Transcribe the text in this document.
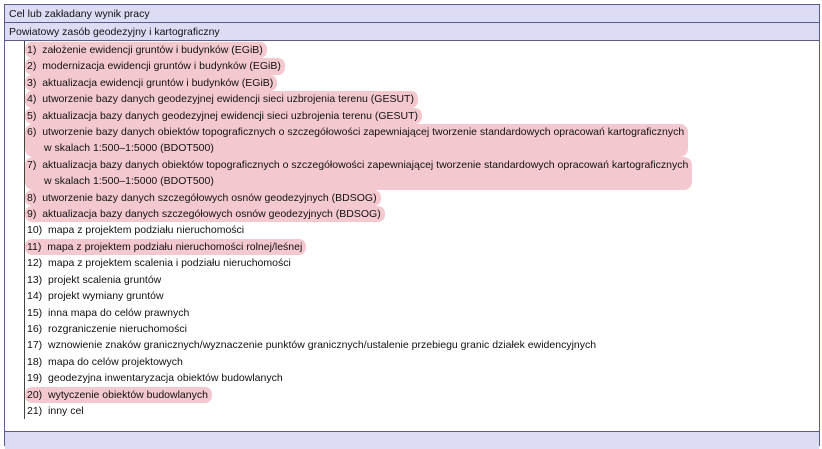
Cel lub zakładany wynik pracy
Powiatowy zasób geodezyjny i kartograficzny
1) założenie ewidencji gruntów i budynków (EGiB)
2) modernizacja ewidencji gruntów i budynków (EGiB)
3) aktualizacja ewidencji gruntów i budynków (EGiB)
4) utworzenie bazy danych geodezyjnej ewidencji sieci uzbrojenia terenu (GESUT)
5) aktualizacja bazy danych geodezyjnej ewidencji sieci uzbrojenia terenu (GESUT)
6) utworzenie bazy danych obiektów topograficznych o szczegółowości zapewniającej tworzenie standardowych opracowań kartograficznych
w skalach 1:500–1:5000 (BDOT500)
7) aktualizacja bazy danych obiektów topograficznych o szczegółowości zapewniającej tworzenie standardowych opracowań kartograficznych
w skalach 1:500–1:5000 (BDOT500)
8) utworzenie bazy danych szczegółowych osnów geodezyjnych (BDSOG)
9) aktualizacja bazy danych szczegółowych osnów geodezyjnych (BDSOG)
10) mapa z projektem podziału nieruchomości
11) mapa z projektem podziału nieruchomości rolnej/leśnej
12) mapa z projektem scalenia i podziału nieruchomości
13) projekt scalenia gruntów
14) projekt wymiany gruntów
15) inna mapa do celów prawnych
16) rozgraniczenie nieruchomości
17) wznowienie znaków granicznych/wyznaczenie punktów granicznych/ustalenie przebiegu granic działek ewidencyjnych
18) mapa do celów projektowych
19) geodezyjna inwentaryzacja obiektów budowlanych
20) wytyczenie obiektów budowlanych
21) inny cel
